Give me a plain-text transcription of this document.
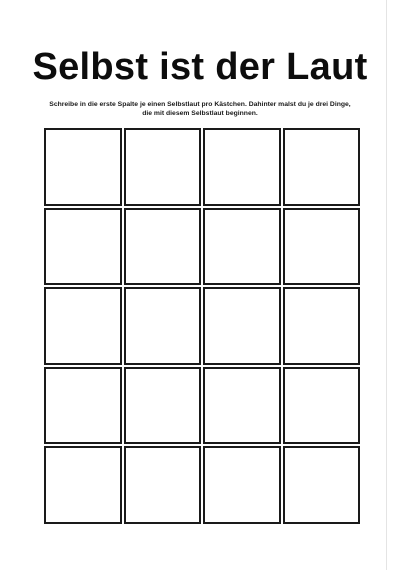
Selbst ist der Laut

Schreibe in die erste Spalte je einen Selbstlaut pro Kästchen. Dahinter malst du je drei Dinge,
die mit diesem Selbstlaut beginnen.
